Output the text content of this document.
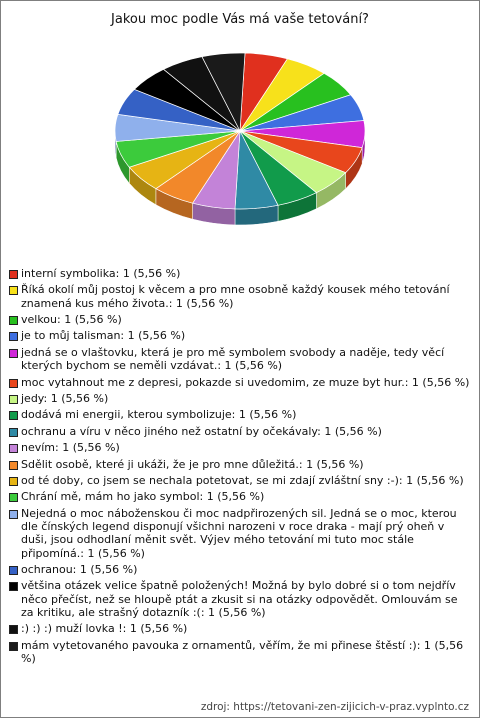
Jakou moc podle Vás má vaše tetování?
interní symbolika: 1 (5,56 %)
Říká okolí můj postoj k věcem a pro mne osobně každý kousek mého tetování znamená kus mého života.: 1 (5,56 %)
velkou: 1 (5,56 %)
je to můj talisman: 1 (5,56 %)
jedná se o vlaštovku, která je pro mě symbolem svobody a naděje, tedy věcí kterých bychom se neměli vzdávat.: 1 (5,56 %)
moc vytahnout me z depresi, pokazde si uvedomim, ze muze byt hur.: 1 (5,56 %)
jedy: 1 (5,56 %)
dodává mi energii, kterou symbolizuje: 1 (5,56 %)
ochranu a víru v něco jiného než ostatní by očekávaly: 1 (5,56 %)
nevím: 1 (5,56 %)
Sdělit osobě, které ji ukáži, že je pro mne důležitá.: 1 (5,56 %)
od té doby, co jsem se nechala potetovat, se mi zdají zvláštní sny :-): 1 (5,56 %)
Chrání mě, mám ho jako symbol: 1 (5,56 %)
Nejedná o moc náboženskou či moc nadpřirozených sil. Jedná se o moc, kterou dle čínských legend disponují všichni narozeni v roce draka - mají prý oheň v duši, jsou odhodlaní měnit svět. Výjev mého tetování mi tuto moc stále připomíná.: 1 (5,56 %)
ochranou: 1 (5,56 %)
většina otázek velice špatně položených! Možná by bylo dobré si o tom nejdřív něco přečíst, než se hloupě ptát a zkusit si na otázky odpovědět. Omlouvám se za kritiku, ale strašný dotazník :(: 1 (5,56 %)
:) :) :) muží lovka !: 1 (5,56 %)
mám vytetovaného pavouka z ornamentů, věřím, že mi přinese štěstí :): 1 (5,56 %)
zdroj: https://tetovani-zen-zijicich-v-praz.vyplnto.cz
